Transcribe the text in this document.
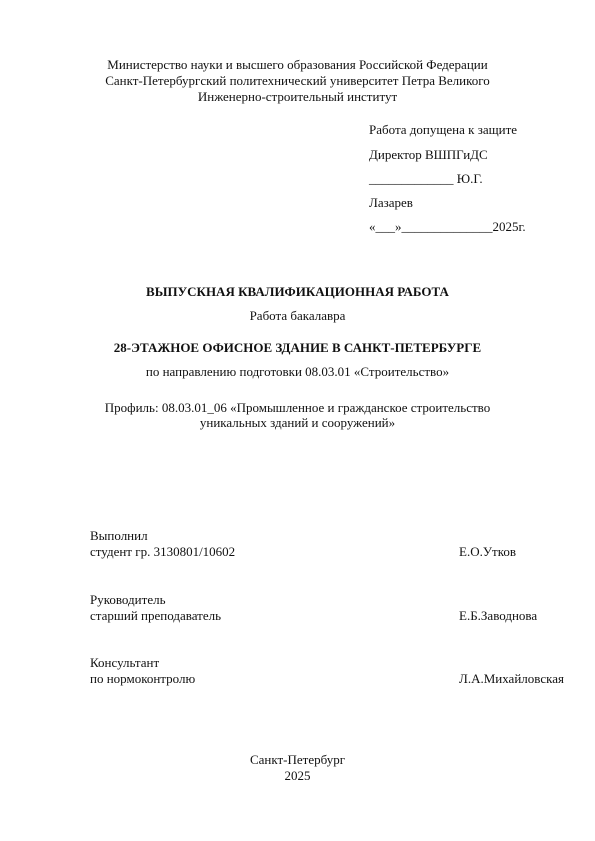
Министерство науки и высшего образования Российской Федерации
Санкт-Петербургский политехнический университет Петра Великого
Инженерно-строительный институт
Работа допущена к защите
Директор ВШПГиДС
_____________ Ю.Г.
Лазарев
«___»______________2025г.
ВЫПУСКНАЯ КВАЛИФИКАЦИОННАЯ РАБОТА
Работа бакалавра
28-ЭТАЖНОЕ ОФИСНОЕ ЗДАНИЕ В САНКТ-ПЕТЕРБУРГЕ
по направлению подготовки 08.03.01 «Строительство»
Профиль: 08.03.01_06 «Промышленное и гражданское строительство
уникальных зданий и сооружений»
Выполнил
студент гр. 3130801/10602	Е.О.Утков
Руководитель
старший преподаватель	Е.Б.Заводнова
Консультант
по нормоконтролю	Л.А.Михайловская
Санкт-Петербург
2025
